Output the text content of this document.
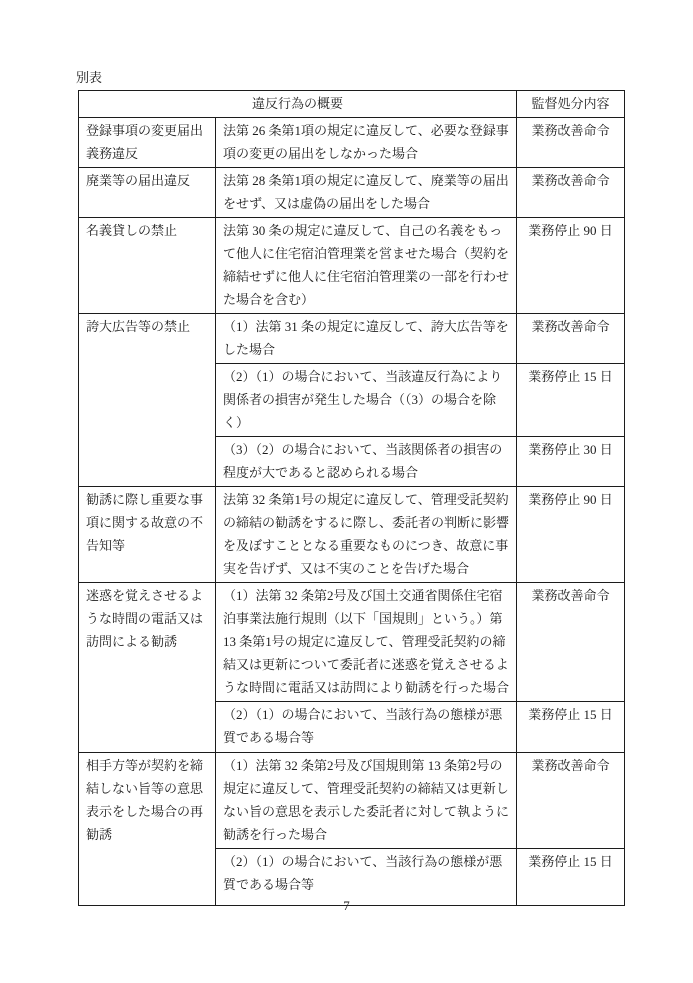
別表
違反行為の概要		監督処分内容
登録事項の変更届出義務違反	法第 26 条第1項の規定に違反して、必要な登録事項の変更の届出をしなかった場合	業務改善命令
廃業等の届出違反	法第 28 条第1項の規定に違反して、廃業等の届出をせず、又は虚偽の届出をした場合	業務改善命令
名義貸しの禁止	法第 30 条の規定に違反して、自己の名義をもって他人に住宅宿泊管理業を営ませた場合（契約を締結せずに他人に住宅宿泊管理業の一部を行わせた場合を含む）	業務停止 90 日
誇大広告等の禁止	（1）法第 31 条の規定に違反して、誇大広告等をした場合	業務改善命令
	（2）（1）の場合において、当該違反行為により関係者の損害が発生した場合（（3）の場合を除く）	業務停止 15 日
	（3）（2）の場合において、当該関係者の損害の程度が大であると認められる場合	業務停止 30 日
勧誘に際し重要な事項に関する故意の不告知等	法第 32 条第1号の規定に違反して、管理受託契約の締結の勧誘をするに際し、委託者の判断に影響を及ぼすこととなる重要なものにつき、故意に事実を告げず、又は不実のことを告げた場合	業務停止 90 日
迷惑を覚えさせるような時間の電話又は訪問による勧誘	（1）法第 32 条第2号及び国土交通省関係住宅宿泊事業法施行規則（以下「国規則」という。）第 13 条第1号の規定に違反して、管理受託契約の締結又は更新について委託者に迷惑を覚えさせるような時間に電話又は訪問により勧誘を行った場合	業務改善命令
	（2）（1）の場合において、当該行為の態様が悪質である場合等	業務停止 15 日
相手方等が契約を締結しない旨等の意思表示をした場合の再勧誘	（1）法第 32 条第2号及び国規則第 13 条第2号の規定に違反して、管理受託契約の締結又は更新しない旨の意思を表示した委託者に対して執ように勧誘を行った場合	業務改善命令
	（2）（1）の場合において、当該行為の態様が悪質である場合等	業務停止 15 日
7
